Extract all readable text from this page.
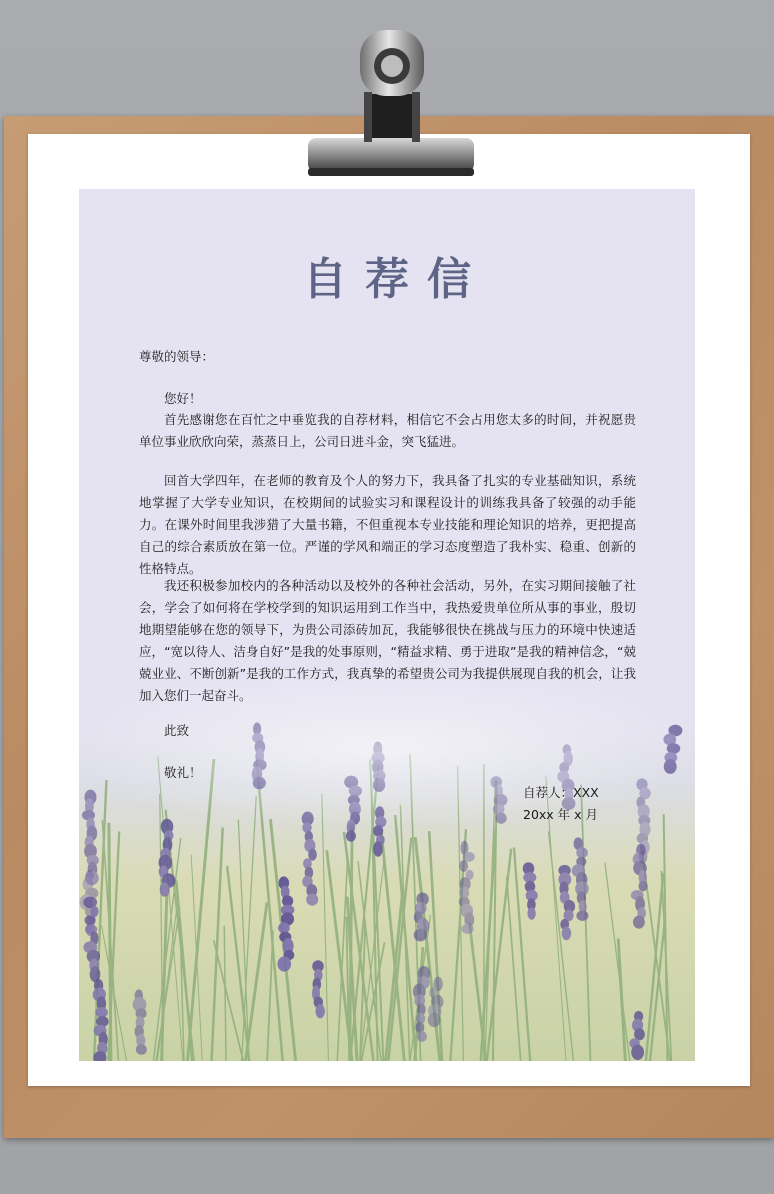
自荐信
尊敬的领导：
您好！
首先感谢您在百忙之中垂览我的自荐材料，相信它不会占用您太多的时间，并祝愿贵单位事业欣欣向荣，蒸蒸日上，公司日进斗金，突飞猛进。
回首大学四年，在老师的教育及个人的努力下，我具备了扎实的专业基础知识，系统地掌握了大学专业知识，在校期间的试验实习和课程设计的训练我具备了较强的动手能力。在课外时间里我涉猎了大量书籍，不但重视本专业技能和理论知识的培养，更把提高自己的综合素质放在第一位。严谨的学风和端正的学习态度塑造了我朴实、稳重、创新的性格特点。
我还积极参加校内的各种活动以及校外的各种社会活动，另外，在实习期间接触了社会，学会了如何将在学校学到的知识运用到工作当中，我热爱贵单位所从事的事业，殷切地期望能够在您的领导下，为贵公司添砖加瓦，我能够很快在挑战与压力的环境中快速适应，“宽以待人、洁身自好”是我的处事原则，“精益求精、勇于进取”是我的精神信念，“兢兢业业、不断创新”是我的工作方式，我真挚的希望贵公司为我提供展现自我的机会，让我加入您们一起奋斗。
此致
敬礼！
自荐人：XXX
20xx 年 x 月
